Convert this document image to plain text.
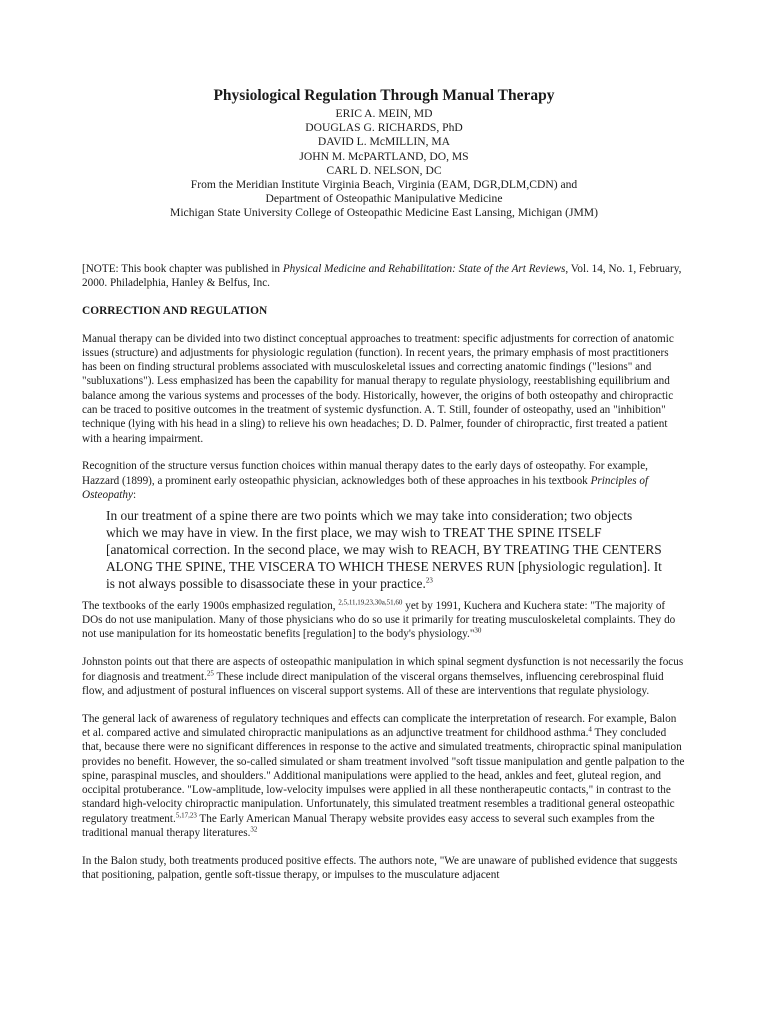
Physiological Regulation Through Manual Therapy
ERIC A. MEIN, MD
DOUGLAS G. RICHARDS, PhD
DAVID L. McMILLIN, MA
JOHN M. McPARTLAND, DO, MS
CARL D. NELSON, DC
From the Meridian Institute Virginia Beach, Virginia (EAM, DGR,DLM,CDN) and
Department of Osteopathic Manipulative Medicine
Michigan State University College of Osteopathic Medicine East Lansing, Michigan (JMM)

[NOTE: This book chapter was published in Physical Medicine and Rehabilitation: State of the Art Reviews, Vol. 14, No. 1, February, 2000. Philadelphia, Hanley & Belfus, Inc.

CORRECTION AND REGULATION

Manual therapy can be divided into two distinct conceptual approaches to treatment: specific adjustments for correction of anatomic issues (structure) and adjustments for physiologic regulation (function). In recent years, the primary emphasis of most practitioners has been on finding structural problems associated with musculoskeletal issues and correcting anatomic findings ("lesions" and "subluxations"). Less emphasized has been the capability for manual therapy to regulate physiology, reestablishing equilibrium and balance among the various systems and processes of the body. Historically, however, the origins of both osteopathy and chiropractic can be traced to positive outcomes in the treatment of systemic dysfunction. A. T. Still, founder of osteopathy, used an "inhibition" technique (lying with his head in a sling) to relieve his own headaches; D. D. Palmer, founder of chiropractic, first treated a patient with a hearing impairment.

Recognition of the structure versus function choices within manual therapy dates to the early days of osteopathy. For example, Hazzard (1899), a prominent early osteopathic physician, acknowledges both of these approaches in his textbook Principles of Osteopathy:

In our treatment of a spine there are two points which we may take into consideration; two objects which we may have in view. In the first place, we may wish to TREAT THE SPINE ITSELF [anatomical correction. In the second place, we may wish to REACH, BY TREATING THE CENTERS ALONG THE SPINE, THE VISCERA TO WHICH THESE NERVES RUN [physiologic regulation]. It is not always possible to disassociate these in your practice.$^{23}$

The textbooks of the early 1900s emphasized regulation, $^{2,5,11,19,23,30a,51,60}$ yet by 1991, Kuchera and Kuchera state: "The majority of DOs do not use manipulation. Many of those physicians who do so use it primarily for treating musculoskeletal complaints. They do not use manipulation for its homeostatic benefits [regulation] to the body's physiology."$^{30}$

Johnston points out that there are aspects of osteopathic manipulation in which spinal segment dysfunction is not necessarily the focus for diagnosis and treatment.$^{25}$ These include direct manipulation of the visceral organs themselves, influencing cerebrospinal fluid flow, and adjustment of postural influences on visceral support systems. All of these are interventions that regulate physiology.

The general lack of awareness of regulatory techniques and effects can complicate the interpretation of research. For example, Balon et al. compared active and simulated chiropractic manipulations as an adjunctive treatment for childhood asthma.$^4$ They concluded that, because there were no significant differences in response to the active and simulated treatments, chiropractic spinal manipulation provides no benefit. However, the so-called simulated or sham treatment involved "soft tissue manipulation and gentle palpation to the spine, paraspinal muscles, and shoulders." Additional manipulations were applied to the head, ankles and feet, gluteal region, and occipital protuberance. "Low-amplitude, low-velocity impulses were applied in all these nontherapeutic contacts," in contrast to the standard high-velocity chiropractic manipulation. Unfortunately, this simulated treatment resembles a traditional general osteopathic regulatory treatment.$^{5,17,23}$ The Early American Manual Therapy website provides easy access to several such examples from the traditional manual therapy literatures.$^{32}$

In the Balon study, both treatments produced positive effects. The authors note, "We are unaware of published evidence that suggests that positioning, palpation, gentle soft-tissue therapy, or impulses to the musculature adjacent
